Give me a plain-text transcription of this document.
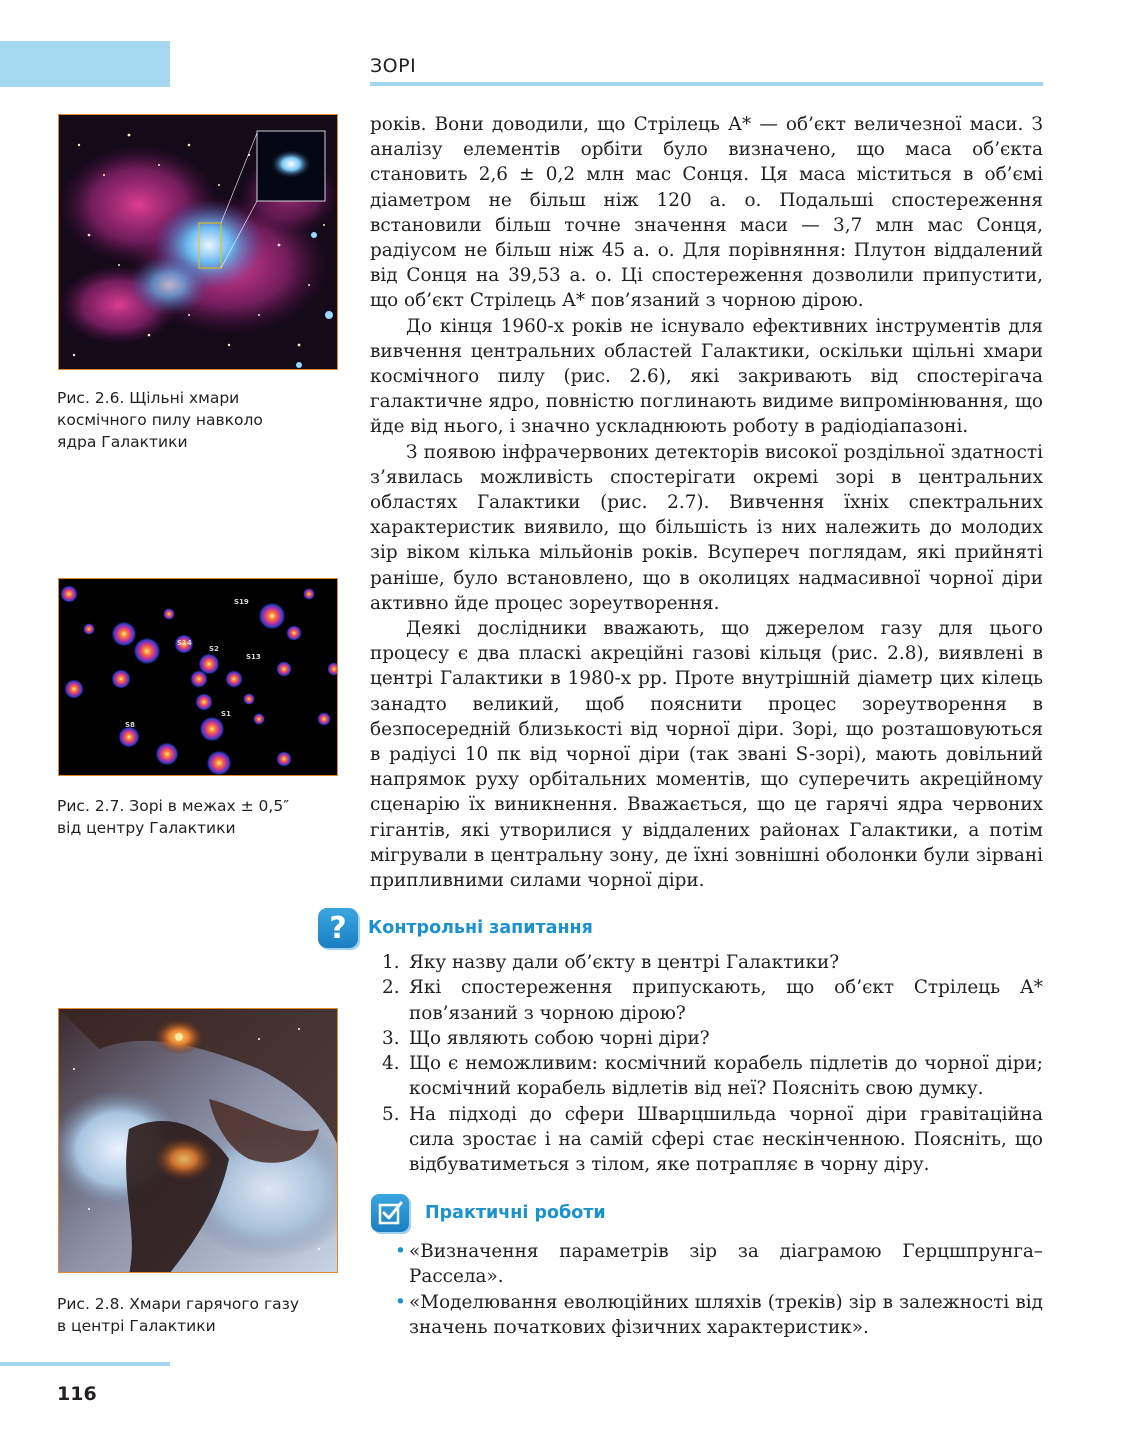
ЗОРІ
Рис. 2.6. Щільні хмари космічного пилу навколо ядра Галактики
S19
S14
S2
S13
S1
S8
Рис. 2.7. Зорі в межах ± 0,5″ від центру Галактики
Рис. 2.8. Хмари гарячого газу в центрі Галактики

років. Вони доводили, що Стрілець А* — об’єкт величезної маси. З аналізу елементів орбіти було визначено, що маса об’єкта становить 2,6 ± 0,2 млн мас Сонця. Ця маса міститься в об’ємі діаметром не більш ніж 120 а. о. Подальші спостереження встановили більш точне значення маси — 3,7 млн мас Сонця, радіусом не більш ніж 45 а. о. Для порівняння: Плутон віддалений від Сонця на 39,53 а. о. Ці спостереження дозволили припустити, що об’єкт Стрілець А* пов’язаний з чорною дірою.

До кінця 1960-х років не існувало ефективних інструментів для вивчення центральних областей Галактики, оскільки щільні хмари космічного пилу (рис. 2.6), які закривають від спостерігача галактичне ядро, повністю поглинають видиме випромінювання, що йде від нього, і значно ускладнюють роботу в радіодіапазоні.

З появою інфрачервоних детекторів високої роздільної здатності з’явилась можливість спостерігати окремі зорі в центральних областях Галактики (рис. 2.7). Вивчення їхніх спектральних характеристик виявило, що більшість із них належить до молодих зір віком кілька мільйонів років. Всупереч поглядам, які прийняті раніше, було встановлено, що в околицях надмасивної чорної діри активно йде процес зореутворення.

Деякі дослідники вважають, що джерелом газу для цього процесу є два пласкі акреційні газові кільця (рис. 2.8), виявлені в центрі Галактики в 1980-х рр. Проте внутрішній діаметр цих кілець занадто великий, щоб пояснити процес зореутворення в безпосередній близькості від чорної діри. Зорі, що розташовуються в радіусі 10 пк від чорної діри (так звані S-зорі), мають довільний напрямок руху орбітальних моментів, що суперечить акреційному сценарію їх виникнення. Вважається, що це гарячі ядра червоних гігантів, які утворилися у віддалених районах Галактики, а потім мігрували в центральну зону, де їхні зовнішні оболонки були зірвані припливними силами чорної діри.

?	Контрольні запитання
1. Яку назву дали об’єкту в центрі Галактики?
2. Які спостереження припускають, що об’єкт Стрілець А* пов’язаний з чорною дірою?
3. Що являють собою чорні діри?
4. Що є неможливим: космічний корабель підлетів до чорної діри; космічний корабель відлетів від неї? Поясніть свою думку.
5. На підході до сфери Шварцшильда чорної діри гравітаційна сила зростає і на самій сфері стає нескінченною. Поясніть, що відбуватиметься з тілом, яке потрапляє в чорну діру.
Практичні роботи
• «Визначення параметрів зір за діаграмою Герцшпрунга–Рассела».
• «Моделювання еволюційних шляхів (треків) зір в залежності від значень початкових фізичних характеристик».
116
